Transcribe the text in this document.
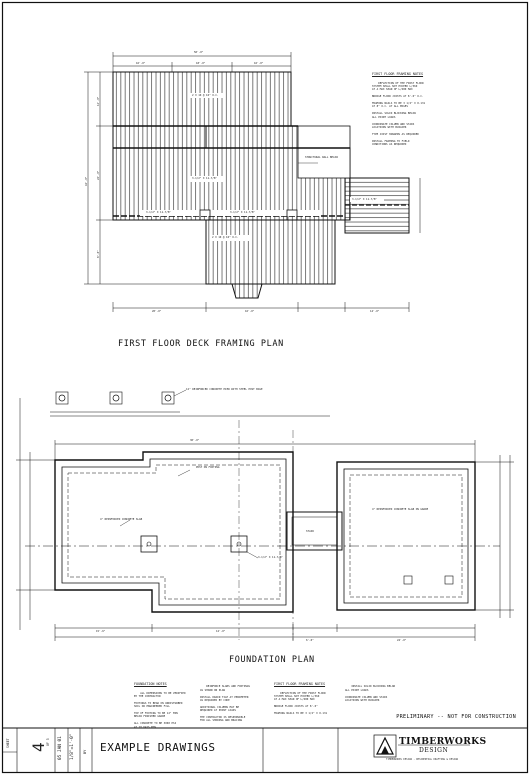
FIRST FLOOR FRAMING NOTES

DEFLECTION OF THE FIRST FLOOR
SYSTEM SHALL NOT EXCEED L/360
AT A MAX SPAN OF L/480 MAX

BRIDGE FLOOR JOISTS AT 8'-0" O.C.

FRAMING NAILS TO BE 3 1/2" X 0.131
AT 8" O.C. AT ALL EDGES

INSTALL SOLID BLOCKING BELOW
ALL POINT LOADS

COORDINATE COLUMN AND STAIR
LOCATIONS WITH BUILDER

TYPE JOIST HANGERS AS REQUIRED

INSTALL FRAMING TO FIELD
CONDITIONS AS REQUIRED

STRUCTURAL WALL BELOW
2 X 10 @ 16" O.C.
3-1/2" X 11-7/8"
3-1/2" X 11-7/8"	3-1/2" X 11-7/8"
2 X 10 @ 16" O.C.
3-1/2" X 11-7/8"
50'-0"
16'-0"	18'-0"	16'-0"
20'-0"	16'-0"	14'-0"
12'-0"
24'-0"
8'-0"
44'-0"
FIRST FLOOR DECK FRAMING PLAN
12" REINFORCED CONCRETE PIER WITH STEEL POST BASE
4" REINFORCED CONCRETE SLAB
POST ON FOOTING
3-1/2" X 11-7/8"
STAIR
4" REINFORCED CONCRETE SLAB ON GRADE
30'-0"
6'-0"	24'-0"
15'-6"	12'-0"
FOUNDATION PLAN

FOUNDATION NOTES

ALL DIMENSIONS TO BE VERIFIED
BY THE CONTRACTOR

FOOTINGS TO BEAR ON UNDISTURBED
SOIL OR ENGINEERED FILL

TOP OF FOOTING TO BE 12" MIN
BELOW FINISHED GRADE

ALL CONCRETE TO BE 3000 PSI
AT 28 DAYS MIN

REINFORCE SLABS AND FOOTINGS
AS SHOWN ON PLAN

INSTALL DRAIN TILE AT PERIMETER
AS REQUIRED BY CODE

ADDITIONAL COLUMNS MAY BE
REQUIRED AT POINT LOADS

THE CONTRACTOR IS RESPONSIBLE
FOR ALL SHORING AND BRACING

FIRST FLOOR FRAMING NOTES

DEFLECTION OF THE FIRST FLOOR
SYSTEM SHALL NOT EXCEED L/360
AT A MAX SPAN OF L/480 MAX

BRIDGE FLOOR JOISTS AT 8'-0"

FRAMING NAILS TO BE 3 1/2" X 0.131

INSTALL SOLID BLOCKING BELOW
ALL POINT LOADS

COORDINATE COLUMN AND STAIR
LOCATIONS WITH BUILDER

PRELIMINARY -- NOT FOR CONSTRUCTION
SHEET 4
OF 5 05 JAN 01 1/8"=1'-0" BY EXAMPLE DRAWINGS	TIMBERWORKS
DESIGN
TIMBERWORKS DESIGN · RESIDENTIAL DRAFTING & DESIGN
